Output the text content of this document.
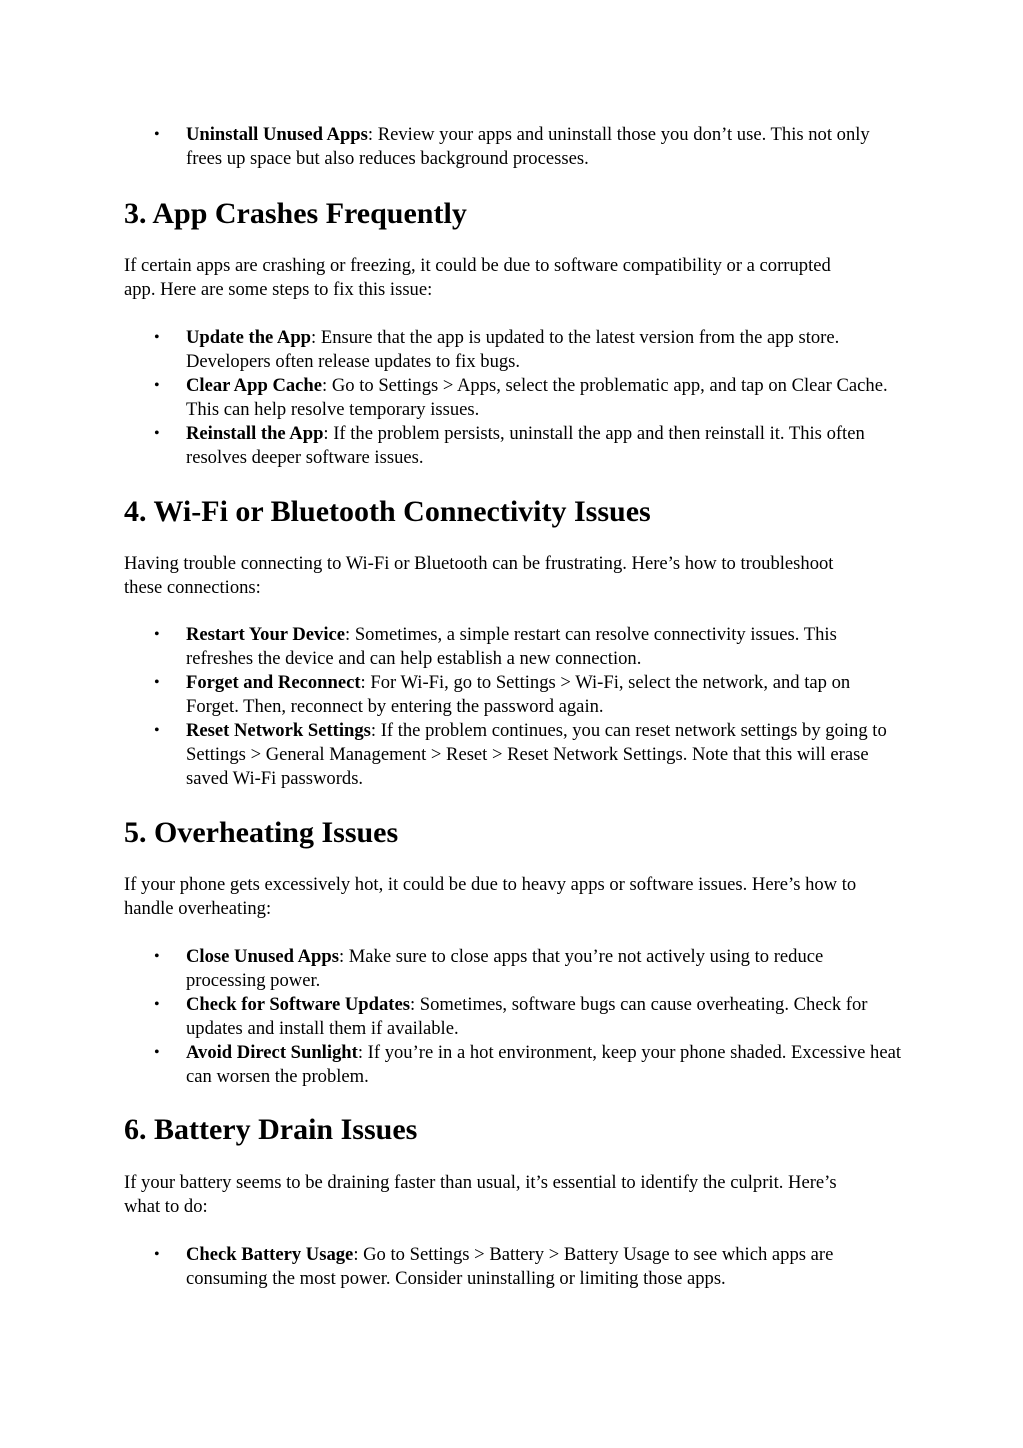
• Uninstall Unused Apps: Review your apps and uninstall those you don’t use. This not only frees up space but also reduces background processes.
3. App Crashes Frequently

If certain apps are crashing or freezing, it could be due to software compatibility or a corrupted app. Here are some steps to fix this issue:

• Update the App: Ensure that the app is updated to the latest version from the app store. Developers often release updates to fix bugs.
• Clear App Cache: Go to Settings > Apps, select the problematic app, and tap on Clear Cache. This can help resolve temporary issues.
• Reinstall the App: If the problem persists, uninstall the app and then reinstall it. This often resolves deeper software issues.
4. Wi-Fi or Bluetooth Connectivity Issues

Having trouble connecting to Wi-Fi or Bluetooth can be frustrating. Here’s how to troubleshoot these connections:

• Restart Your Device: Sometimes, a simple restart can resolve connectivity issues. This refreshes the device and can help establish a new connection.
• Forget and Reconnect: For Wi-Fi, go to Settings > Wi-Fi, select the network, and tap on Forget. Then, reconnect by entering the password again.
• Reset Network Settings: If the problem continues, you can reset network settings by going to Settings > General Management > Reset > Reset Network Settings. Note that this will erase saved Wi-Fi passwords.
5. Overheating Issues

If your phone gets excessively hot, it could be due to heavy apps or software issues. Here’s how to handle overheating:

• Close Unused Apps: Make sure to close apps that you’re not actively using to reduce processing power.
• Check for Software Updates: Sometimes, software bugs can cause overheating. Check for updates and install them if available.
• Avoid Direct Sunlight: If you’re in a hot environment, keep your phone shaded. Excessive heat can worsen the problem.
6. Battery Drain Issues

If your battery seems to be draining faster than usual, it’s essential to identify the culprit. Here’s what to do:

• Check Battery Usage: Go to Settings > Battery > Battery Usage to see which apps are consuming the most power. Consider uninstalling or limiting those apps.
